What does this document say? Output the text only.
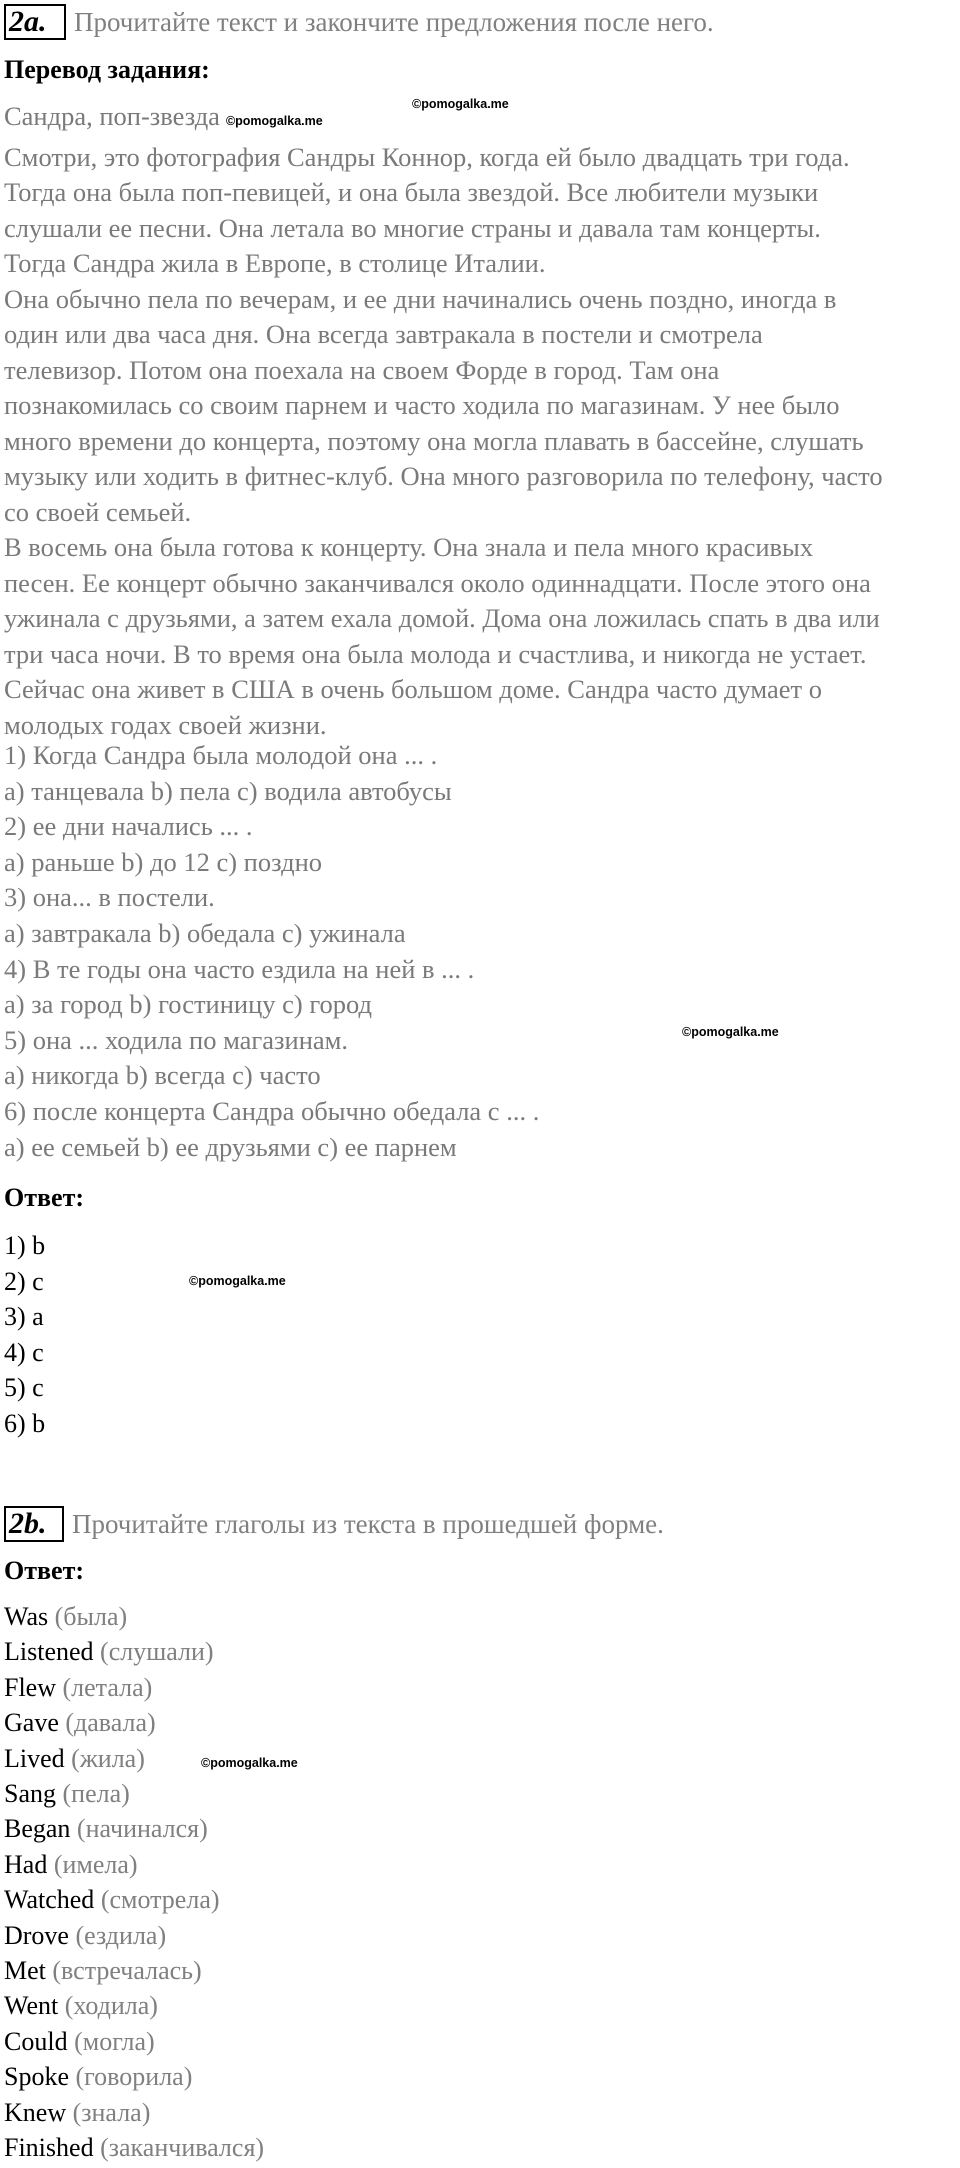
2a.	Прочитайте текст и закончите предложения после него.
Перевод задания:
Сандра, поп-звезда ©pomogalka.me

Смотри, это фотография Сандры Коннор, когда ей было двадцать три года.

Тогда она была поп-певицей, и она была звездой. Все любители музыки

слушали ее песни. Она летала во многие страны и давала там концерты.

Тогда Сандра жила в Европе, в столице Италии.

Она обычно пела по вечерам, и ее дни начинались очень поздно, иногда в

один или два часа дня. Она всегда завтракала в постели и смотрела

телевизор. Потом она поехала на своем Форде в город. Там она

познакомилась со своим парнем и часто ходила по магазинам. У нее было

много времени до концерта, поэтому она могла плавать в бассейне, слушать

музыку или ходить в фитнес-клуб. Она много разговорила по телефону, часто

со своей семьей.

В восемь она была готова к концерту. Она знала и пела много красивых

песен. Ее концерт обычно заканчивался около одиннадцати. После этого она

ужинала с друзьями, а затем ехала домой. Дома она ложилась спать в два или

три часа ночи. В то время она была молода и счастлива, и никогда не устает.

Сейчас она живет в США в очень большом доме. Сандра часто думает о

молодых годах своей жизни.

©pomogalka.me

1) Когда Сандра была молодой она ... .

а) танцевала b) пела с) водила автобусы

2) ее дни начались ... .

а) раньше b) до 12 с) поздно

3) она... в постели.

а) завтракала b) обедала с) ужинала

4) В те годы она часто ездила на ней в ... .

а) за город b) гостиницу с) город

5) она ... ходила по магазинам.

а) никогда b) всегда с) часто

6) после концерта Сандра обычно обедала с ... .

а) ее семьей b) ее друзьями с) ее парнем

©pomogalka.me
Ответ:

1) b

2) c

3) a

4) c

5) c

6) b

©pomogalka.me
2b. Прочитайте глаголы из текста в прошедшей форме.
Ответ:
Was (была)
Listened (слушали)
Flew (летала)
Gave (давала)
Lived (жила)
Sang (пела)
Began (начинался)
Had (имела)
Watched (смотрела)
Drove (ездила)
Met (встречалась)
Went (ходила)
Could (могла)
Spoke (говорила)
Knew (знала)
Finished (заканчивался)
©pomogalka.me
